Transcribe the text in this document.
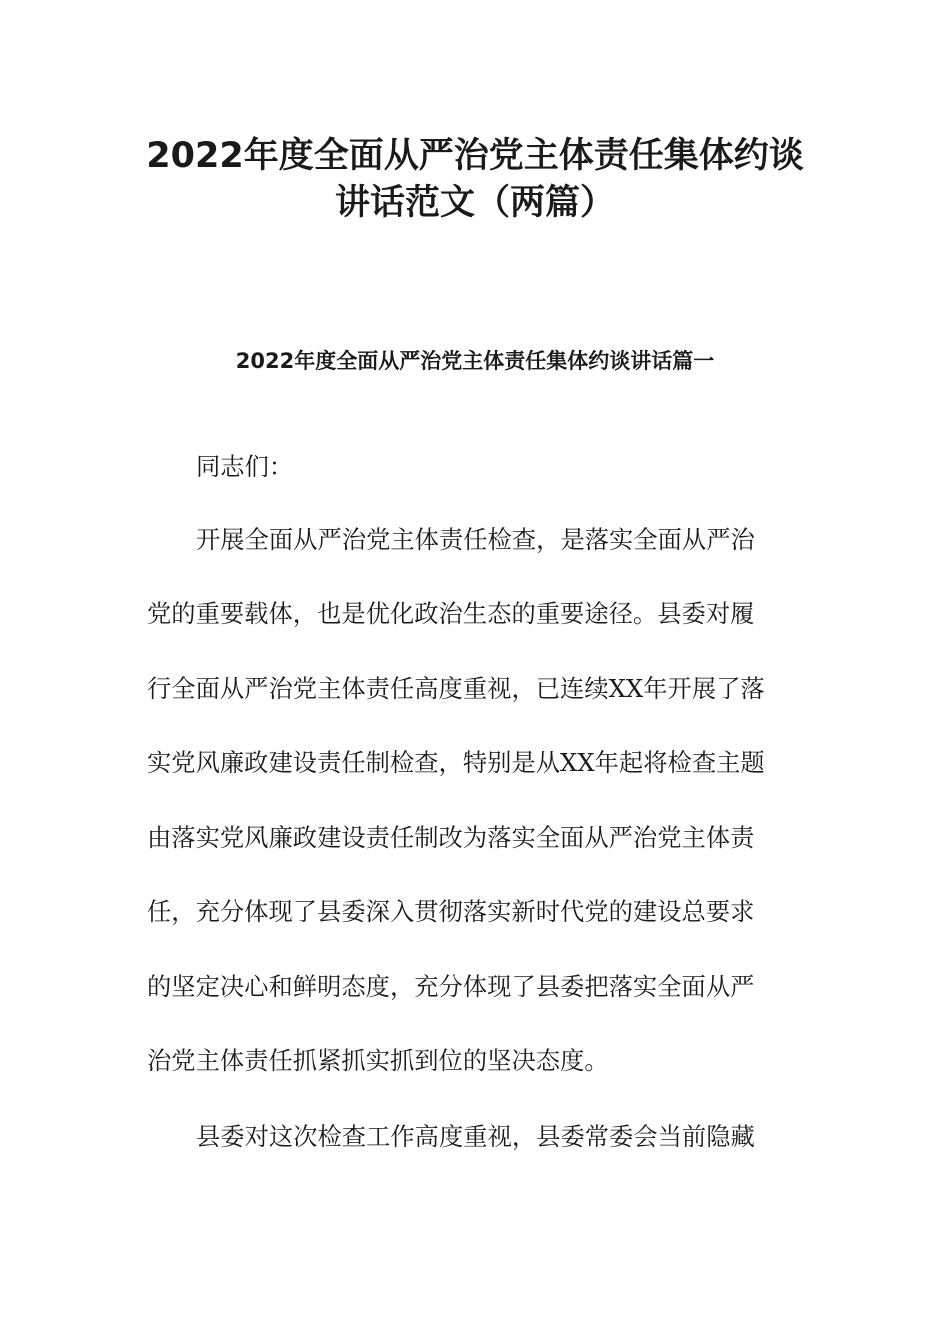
2022年度全面从严治党主体责任集体约谈
讲话范文（两篇）
2022年度全面从严治党主体责任集体约谈讲话篇一

同志们：

开展全面从严治党主体责任检查，是落实全面从严治

党的重要载体，也是优化政治生态的重要途径。县委对履

行全面从严治党主体责任高度重视，已连续XX年开展了落

实党风廉政建设责任制检查，特别是从XX年起将检查主题

由落实党风廉政建设责任制改为落实全面从严治党主体责

任，充分体现了县委深入贯彻落实新时代党的建设总要求

的坚定决心和鲜明态度，充分体现了县委把落实全面从严

治党主体责任抓紧抓实抓到位的坚决态度。

县委对这次检查工作高度重视，县委常委会当前隐藏
